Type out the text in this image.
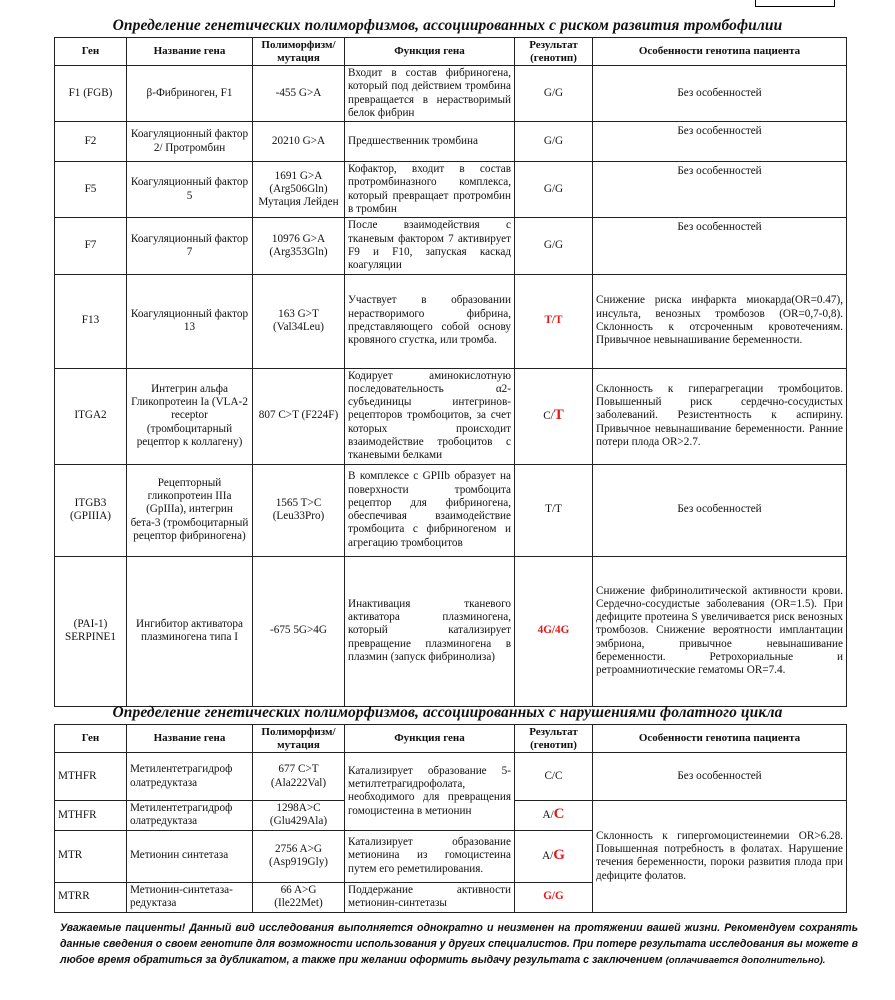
Определение генетических полиморфизмов, ассоциированных с риском развития тромбофилии
Ген	Название гена	Полиморфизм/ мутация	Функция гена	Результат (генотип)	Особенности генотипа пациента
F1 (FGB)	β-Фибриноген, F1	-455 G>A	Входит в состав фибриногена, который под действием тромбина превращается в нерастворимый белок фибрин	G/G	Без особенностей
F2	Коагуляционный фактор 2/ Протромбин	20210 G>A	Предшественник тромбина	G/G	Без особенностей
F5	Коагуляционный фактор 5	1691 G>A (Arg506Gln) Мутация Лейден	Кофактор, входит в состав протромбиназного комплекса, который превращает протромбин в тромбин	G/G	Без особенностей
F7	Коагуляционный фактор 7	10976 G>A (Arg353Gln)	После взаимодействия с тканевым фактором 7 активирует F9 и F10, запуская каскад коагуляции	G/G	Без особенностей
F13	Коагуляционный фактор 13	163 G>T (Val34Leu)	Участвует в образовании нерастворимого фибрина, представляющего собой основу кровяного сгустка, или тромба.	T/T	Снижение риска инфаркта миокарда(OR=0.47), инсульта, венозных тромбозов (OR=0,7-0,8). Склонность к отсроченным кровотечениям. Привычное невынашивание беременности.
ITGA2	Интегрин альфа Гликопротеин Ia (VLA-2 receptor (тромбоцитарный рецептор к коллагену)	807 C>T (F224F)	Кодирует аминокислотную последовательность α2-субъединицы интегринов-рецепторов тромбоцитов, за счет которых происходит взаимодействие тробоцитов с тканевыми белками	C/T	Склонность к гиперагрегации тромбоцитов. Повышенный риск сердечно-сосудистых заболеваний. Резистентность к аспирину. Привычное невынашивание беременности. Ранние потери плода OR>2.7.
ITGB3 (GPIIIA)	Рецепторный гликопротеин IIIa (GpIIIa), интегрин бета-3 (тромбоцитарный рецептор фибриногена)	1565 T>C (Leu33Pro)	В комплексе с GPIIb образует на поверхности тромбоцита рецептор для фибриногена, обеспечивая взаимодействие тромбоцита с фибриногеном и агрегацию тромбоцитов	T/T	Без особенностей
(PAI-1) SERPINE1	Ингибитор активатора плазминогена типа I	-675 5G>4G	Инактивация тканевого активатора плазминогена, который катализирует превращение плазминогена в плазмин (запуск фибринолиза)	4G/4G	Снижение фибринолитической активности крови. Сердечно-сосудистые заболевания (OR=1.5). При дефиците протеина S увеличивается риск венозных тромбозов. Снижение вероятности имплантации эмбриона, привычное невынашивание беременности. Ретрохориальные и ретроамниотические гематомы OR=7.4.
Определение генетических полиморфизмов, ассоциированных с нарушениями фолатного цикла
Ген	Название гена	Полиморфизм/ мутация	Функция гена	Результат (генотип)	Особенности генотипа пациента
MTHFR	Метилентетрагидроф олатредуктаза	677 C>T (Ala222Val)	Катализирует образование 5-метилтетрагидрофолата, необходимого для превращения гомоцистеина в метионин	C/C	Без особенностей
MTHFR	Метилентетрагидроф олатредуктаза	1298A>C (Glu429Ala)		A/C	Склонность к гипергомоцистеинемии OR>6.28. Повышенная потребность в фолатах. Нарушение течения беременности, пороки развития плода при дефиците фолатов.
MTR	Метионин синтетаза	2756 A>G (Asp919Gly)	Катализирует образование метионина из гомоцистеина путем его реметилирования.	A/G	
MTRR	Метионин-синтетаза-редуктаза	66 A>G (Ile22Met)	Поддержание активности метионин-синтетазы	G/G	
Уважаемые пациенты! Данный вид исследования выполняется однократно и неизменен на протяжении вашей жизни. Рекомендуем сохранять данные сведения о своем генотипе для возможности использования у других специалистов. При потере результата исследования вы можете в любое время обратиться за дубликатом, а также при желании оформить выдачу результата с заключением (оплачивается дополнительно).
